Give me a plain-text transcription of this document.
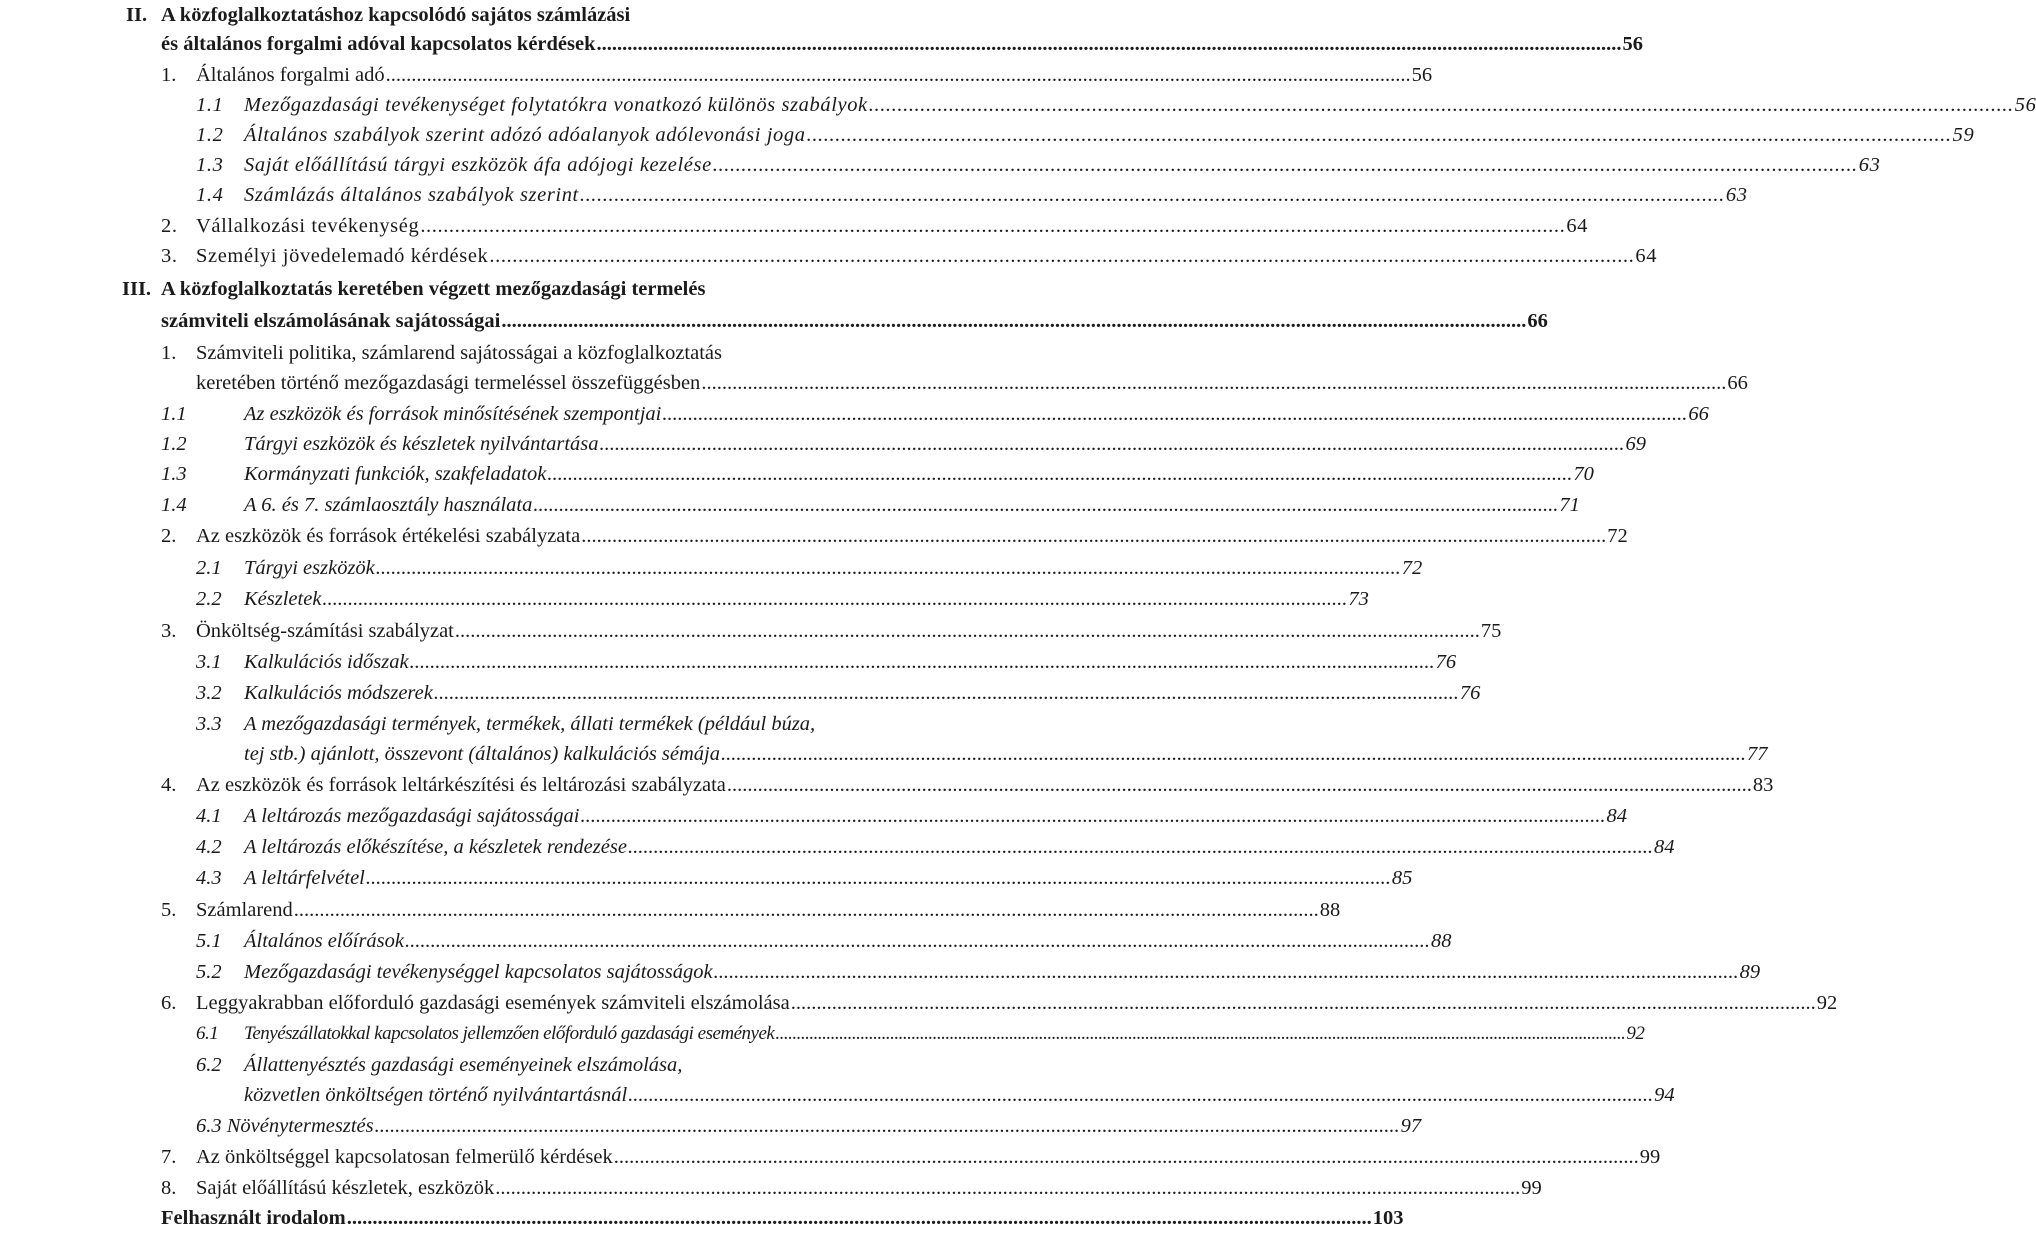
II. A közfoglalkoztatáshoz kapcsolódó sajátos számlázási
és általános forgalmi adóval kapcsolatos kérdések ........................................................................................................................................................................................................ 56
1. Általános forgalmi adó ........................................................................................................................................................................................................ 56
1.1 Mezőgazdasági tevékenységet folytatókra vonatkozó különös szabályok ........................................................................................................................................................................................................ 56
1.2 Általános szabályok szerint adózó adóalanyok adólevonási joga ........................................................................................................................................................................................................ 59
1.3 Saját előállítású tárgyi eszközök áfa adójogi kezelése ........................................................................................................................................................................................................ 63
1.4 Számlázás általános szabályok szerint ........................................................................................................................................................................................................ 63
2. Vállalkozási tevékenység ........................................................................................................................................................................................................ 64
3. Személyi jövedelemadó kérdések ........................................................................................................................................................................................................ 64
III. A közfoglalkoztatás keretében végzett mezőgazdasági termelés
számviteli elszámolásának sajátosságai ........................................................................................................................................................................................................ 66
1. Számviteli politika, számlarend sajátosságai a közfoglalkoztatás
keretében történő mezőgazdasági termeléssel összefüggésben ........................................................................................................................................................................................................ 66
1.1	Az eszközök és források minősítésének szempontjai ........................................................................................................................................................................................................ 66
1.2	Tárgyi eszközök és készletek nyilvántartása ........................................................................................................................................................................................................ 69
1.3	Kormányzati funkciók, szakfeladatok ........................................................................................................................................................................................................ 70
1.4	A 6. és 7. számlaosztály használata ........................................................................................................................................................................................................ 71
2. Az eszközök és források értékelési szabályzata ........................................................................................................................................................................................................ 72
2.1 Tárgyi eszközök ........................................................................................................................................................................................................ 72
2.2 Készletek ........................................................................................................................................................................................................ 73
3. Önköltség-számítási szabályzat ........................................................................................................................................................................................................ 75
3.1 Kalkulációs időszak ........................................................................................................................................................................................................ 76
3.2 Kalkulációs módszerek ........................................................................................................................................................................................................ 76
3.3 A mezőgazdasági termények, termékek, állati termékek (például búza,
tej stb.) ajánlott, összevont (általános) kalkulációs sémája ........................................................................................................................................................................................................ 77
4. Az eszközök és források leltárkészítési és leltározási szabályzata ........................................................................................................................................................................................................ 83
4.1 A leltározás mezőgazdasági sajátosságai ........................................................................................................................................................................................................ 84
4.2 A leltározás előkészítése, a készletek rendezése ........................................................................................................................................................................................................ 84
4.3 A leltárfelvétel ........................................................................................................................................................................................................ 85
5. Számlarend ........................................................................................................................................................................................................ 88
5.1 Általános előírások ........................................................................................................................................................................................................ 88
5.2 Mezőgazdasági tevékenységgel kapcsolatos sajátosságok ........................................................................................................................................................................................................ 89
6. Leggyakrabban előforduló gazdasági események számviteli elszámolása ........................................................................................................................................................................................................ 92
6.1 Tenyészállatokkal kapcsolatos jellemzően előforduló gazdasági események ........................................................................................................................................................................................................ 92
6.2 Állattenyésztés gazdasági eseményeinek elszámolása,
közvetlen önköltségen történő nyilvántartásnál ........................................................................................................................................................................................................ 94
6.3 Növénytermesztés ........................................................................................................................................................................................................ 97
7. Az önköltséggel kapcsolatosan felmerülő kérdések ........................................................................................................................................................................................................ 99
8. Saját előállítású készletek, eszközök ........................................................................................................................................................................................................ 99
Felhasznált irodalom ........................................................................................................................................................................................................ 103
